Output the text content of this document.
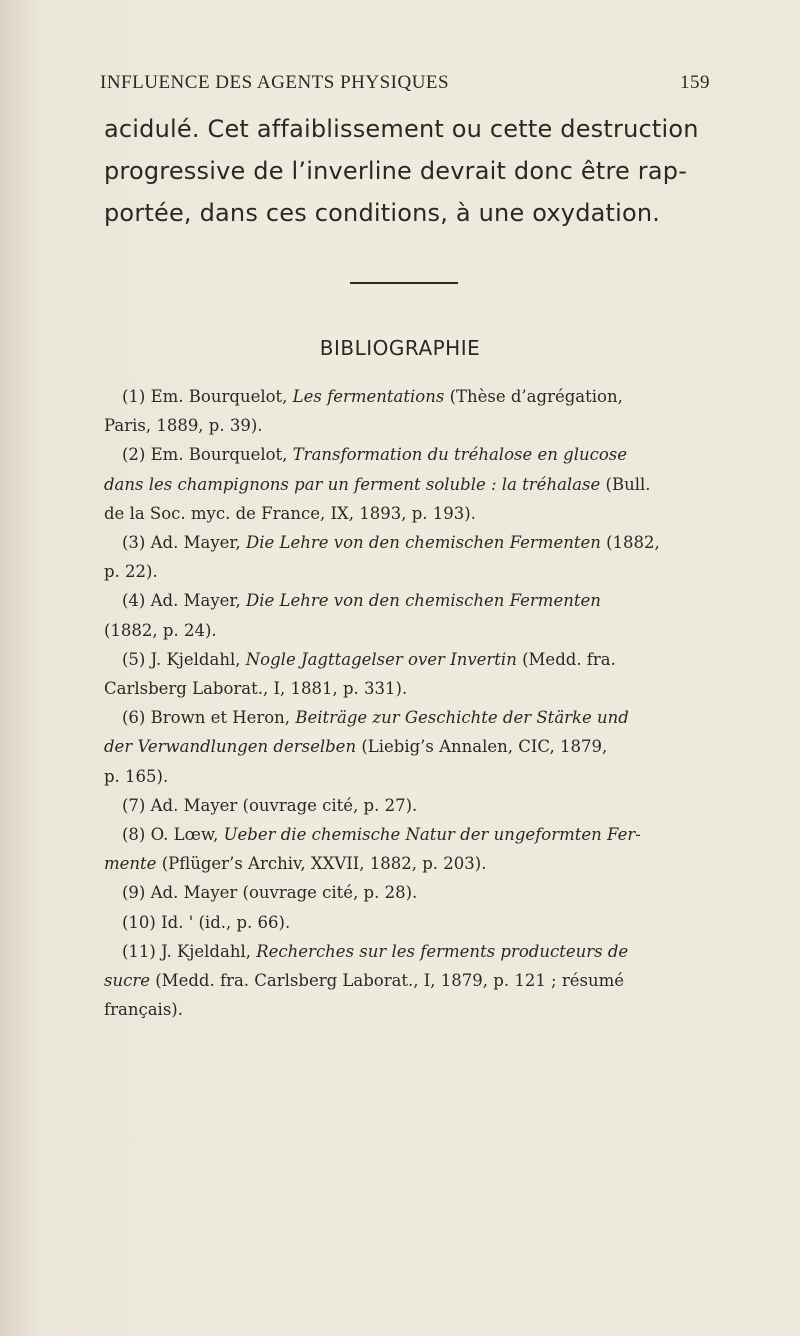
INFLUENCE DES AGENTS PHYSIQUES	159
acidulé. Cet affaiblissement ou cette destruction
progressive de l’inverline devrait donc être rap-
portée, dans ces conditions, à une oxydation.
BIBLIOGRAPHIE
(1) Em. Bourquelot, Les fermentations (Thèse d’agrégation,
Paris, 1889, p. 39).
(2) Em. Bourquelot, Transformation du tréhalose en glucose
dans les champignons par un ferment soluble : la tréhalase (Bull.
de la Soc. myc. de France, IX, 1893, p. 193).
(3) Ad. Mayer, Die Lehre von den chemischen Fermenten (1882,
p. 22).
(4) Ad. Mayer, Die Lehre von den chemischen Fermenten
(1882, p. 24).
(5) J. Kjeldahl, Nogle Jagttagelser over Invertin (Medd. fra.
Carlsberg Laborat., I, 1881, p. 331).
(6) Brown et Heron, Beiträge zur Geschichte der Stärke und
der Verwandlungen derselben (Liebig’s Annalen, CIC, 1879,
p. 165).
(7) Ad. Mayer (ouvrage cité, p. 27).
(8) O. Lœw, Ueber die chemische Natur der ungeformten Fer-
mente (Pflüger’s Archiv, XXVII, 1882, p. 203).
(9) Ad. Mayer (ouvrage cité, p. 28).
(10) Id. ' (id., p. 66).
(11) J. Kjeldahl, Recherches sur les ferments producteurs de
sucre (Medd. fra. Carlsberg Laborat., I, 1879, p. 121 ; résumé
français).
